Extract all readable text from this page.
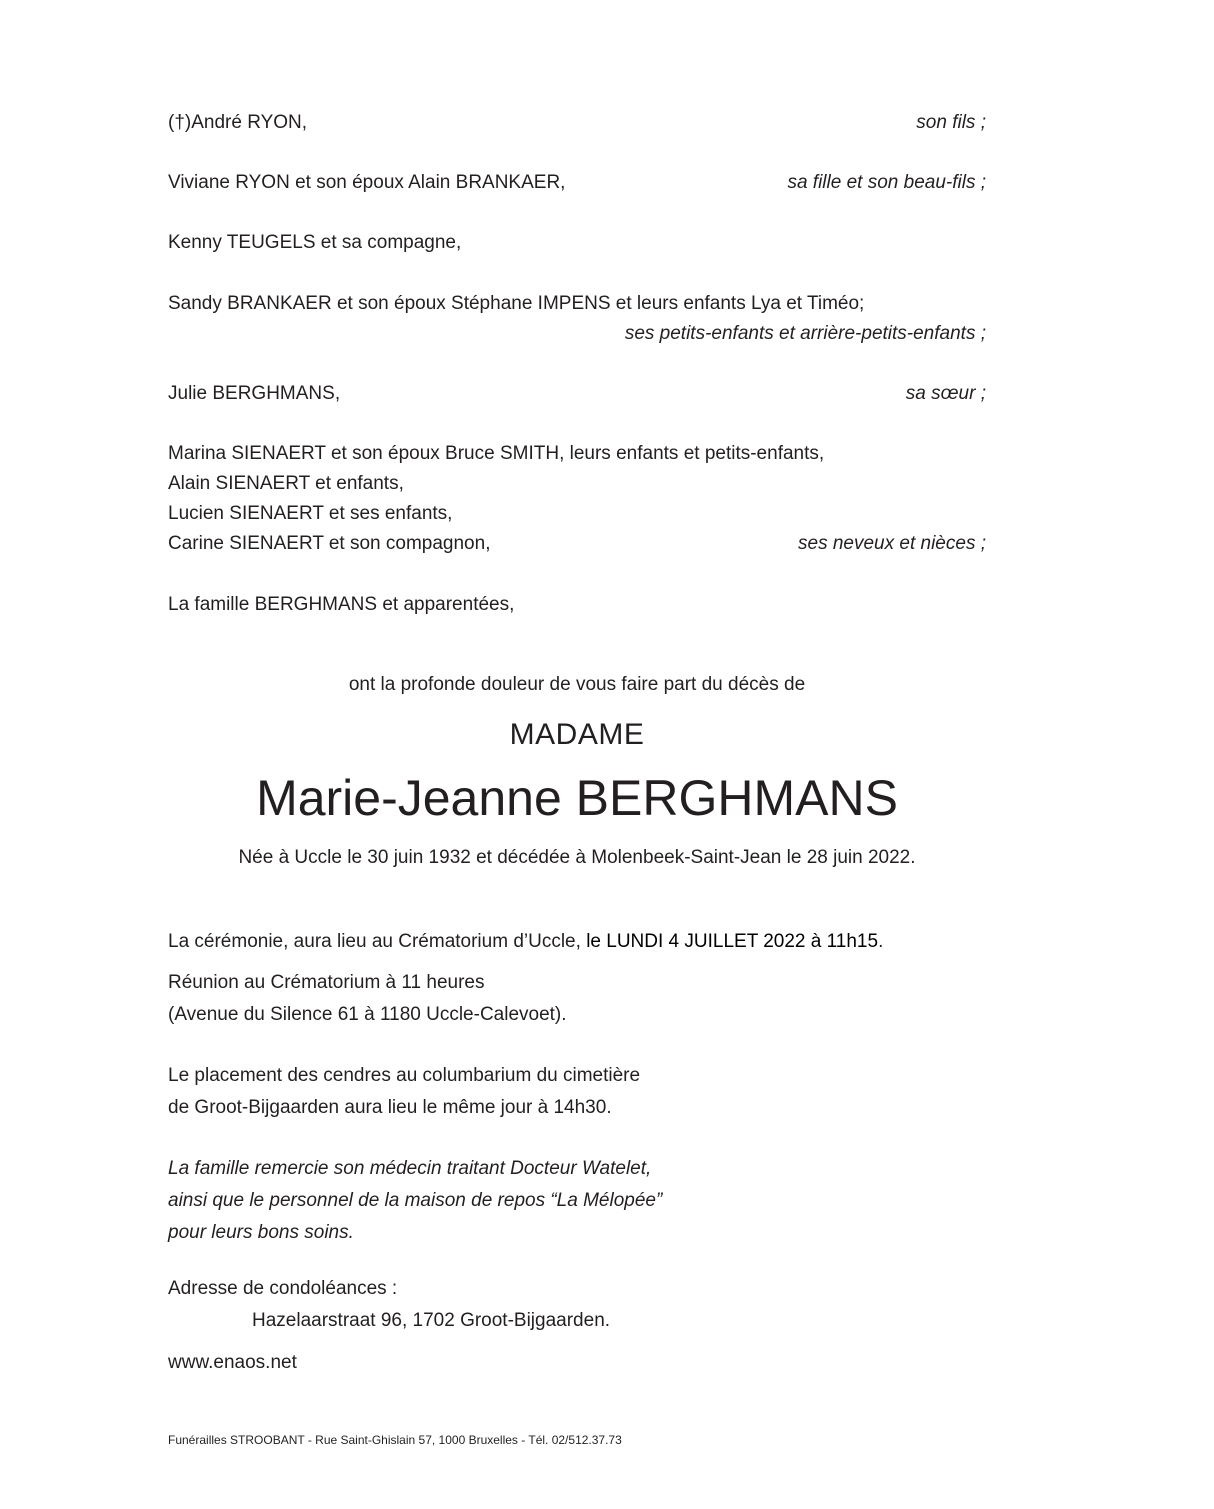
(†)André RYON,	son fils ;
Viviane RYON et son époux Alain BRANKAER,	sa fille et son beau-fils ;
Kenny TEUGELS et sa compagne,
Sandy BRANKAER et son époux Stéphane IMPENS et leurs enfants Lya et Timéo;
ses petits-enfants et arrière-petits-enfants ;
Julie BERGHMANS,	sa sœur ;
Marina SIENAERT et son époux Bruce SMITH, leurs enfants et petits-enfants,
Alain SIENAERT et enfants,
Lucien SIENAERT et ses enfants,
Carine SIENAERT et son compagnon,	ses neveux et nièces ;
La famille BERGHMANS et apparentées,
ont la profonde douleur de vous faire part du décès de
MADAME
Marie-Jeanne BERGHMANS
Née à Uccle le 30 juin 1932 et décédée à Molenbeek-Saint-Jean le 28 juin 2022.
La cérémonie, aura lieu au Crématorium d’Uccle, le LUNDI 4 JUILLET 2022 à 11h15.
Réunion au Crématorium à 11 heures
(Avenue du Silence 61 à 1180 Uccle-Calevoet).
Le placement des cendres au columbarium du cimetière
de Groot-Bijgaarden aura lieu le même jour à 14h30.
La famille remercie son médecin traitant Docteur Watelet,
ainsi que le personnel de la maison de repos “La Mélopée”
pour leurs bons soins.
Adresse de condoléances :
Hazelaarstraat 96, 1702 Groot-Bijgaarden.
www.enaos.net
Funérailles STROOBANT - Rue Saint-Ghislain 57, 1000 Bruxelles - Tél. 02/512.37.73
